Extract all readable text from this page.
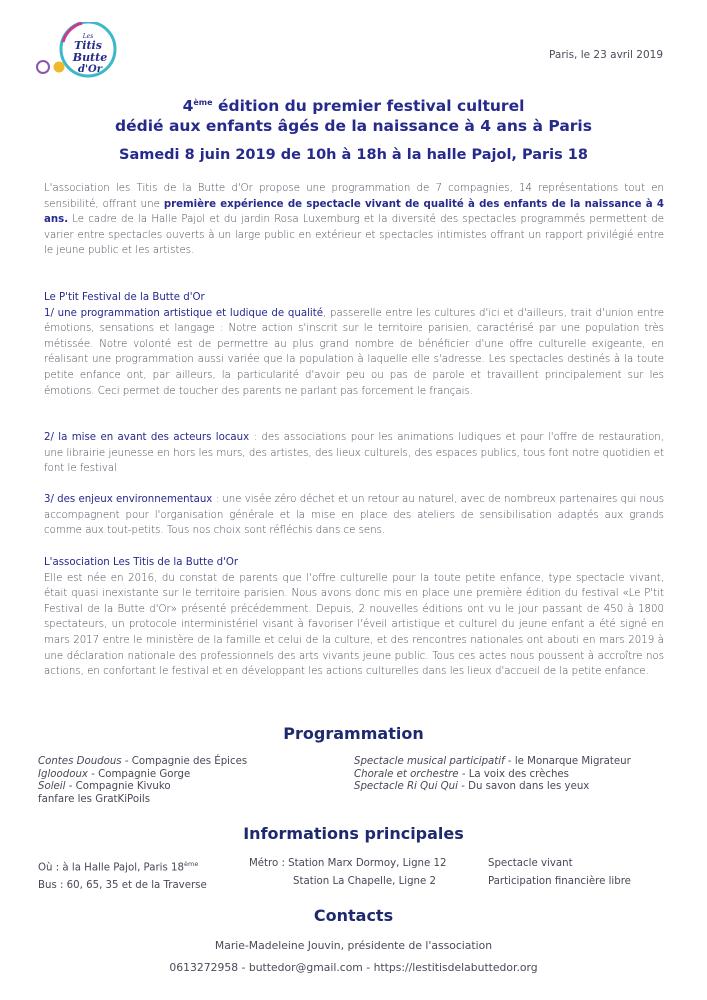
Les
Titis
Butte
d'Or
Paris, le 23 avril 2019
4ème édition du premier festival culturel
dédié aux enfants âgés de la naissance à 4 ans à Paris
Samedi 8 juin 2019 de 10h à 18h à la halle Pajol, Paris 18
L'association les Titis de la Butte d'Or propose une programmation de 7 compagnies, 14 représentations tout en sensibilité, offrant une première expérience de spectacle vivant de qualité à des enfants de la naissance à 4 ans. Le cadre de la Halle Pajol et du jardin Rosa Luxemburg et la diversité des spectacles programmés permettent de varier entre spectacles ouverts à un large public en extérieur et spectacles intimistes offrant un rapport privilégié entre le jeune public et les artistes.
Le P'tit Festival de la Butte d'Or
1/ une programmation artistique et ludique de qualité, passerelle entre les cultures d'ici et d'ailleurs, trait d'union entre émotions, sensations et langage : Notre action s'inscrit sur le territoire parisien, caractérisé par une population très métissée. Notre volonté est de permettre au plus grand nombre de bénéficier d'une offre culturelle exigeante, en réalisant une programmation aussi variée que la population à laquelle elle s'adresse. Les spectacles destinés à la toute petite enfance ont, par ailleurs, la particularité d'avoir peu ou pas de parole et travaillent principalement sur les émotions. Ceci permet de toucher des parents ne parlant pas forcement le français.
2/ la mise en avant des acteurs locaux : des associations pour les animations ludiques et pour l'offre de restauration, une librairie jeunesse en hors les murs, des artistes, des lieux culturels, des espaces publics, tous font notre quotidien et font le festival
3/ des enjeux environnementaux : une visée zéro déchet et un retour au naturel, avec de nombreux partenaires qui nous accompagnent pour l'organisation générale et la mise en place des ateliers de sensibilisation adaptés aux grands comme aux tout-petits. Tous nos choix sont réfléchis dans ce sens.
L'association Les Titis de la Butte d'Or
Elle est née en 2016, du constat de parents que l'offre culturelle pour la toute petite enfance, type spectacle vivant, était quasi inexistante sur le territoire parisien. Nous avons donc mis en place une première édition du festival «Le P'tit Festival de la Butte d'Or» présenté précédemment. Depuis, 2 nouvelles éditions ont vu le jour passant de 450 à 1800 spectateurs, un protocole interministériel visant à favoriser l'éveil artistique et culturel du jeune enfant a été signé en mars 2017 entre le ministère de la famille et celui de la culture, et des rencontres nationales ont abouti en mars 2019 à une déclaration nationale des professionnels des arts vivants jeune public. Tous ces actes nous poussent à accroître nos actions, en confortant le festival et en développant les actions culturelles dans les lieux d'accueil de la petite enfance.
Programmation
Contes Doudous - Compagnie des Épices
Igloodoux - Compagnie Gorge
Soleil - Compagnie Kivuko
fanfare les GratKiPoils
Spectacle musical participatif - le Monarque Migrateur
Chorale et orchestre - La voix des crèches
Spectacle Ri Qui Qui - Du savon dans les yeux
Informations principales
Où : à la Halle Pajol, Paris 18ème
Bus : 60, 65, 35 et de la Traverse
Métro : Station Marx Dormoy, Ligne 12
Station La Chapelle, Ligne 2
Spectacle vivant
Participation financière libre
Contacts
Marie-Madeleine Jouvin, présidente de l'association
0613272958 - buttedor@gmail.com - https://lestitisdelabuttedor.org
